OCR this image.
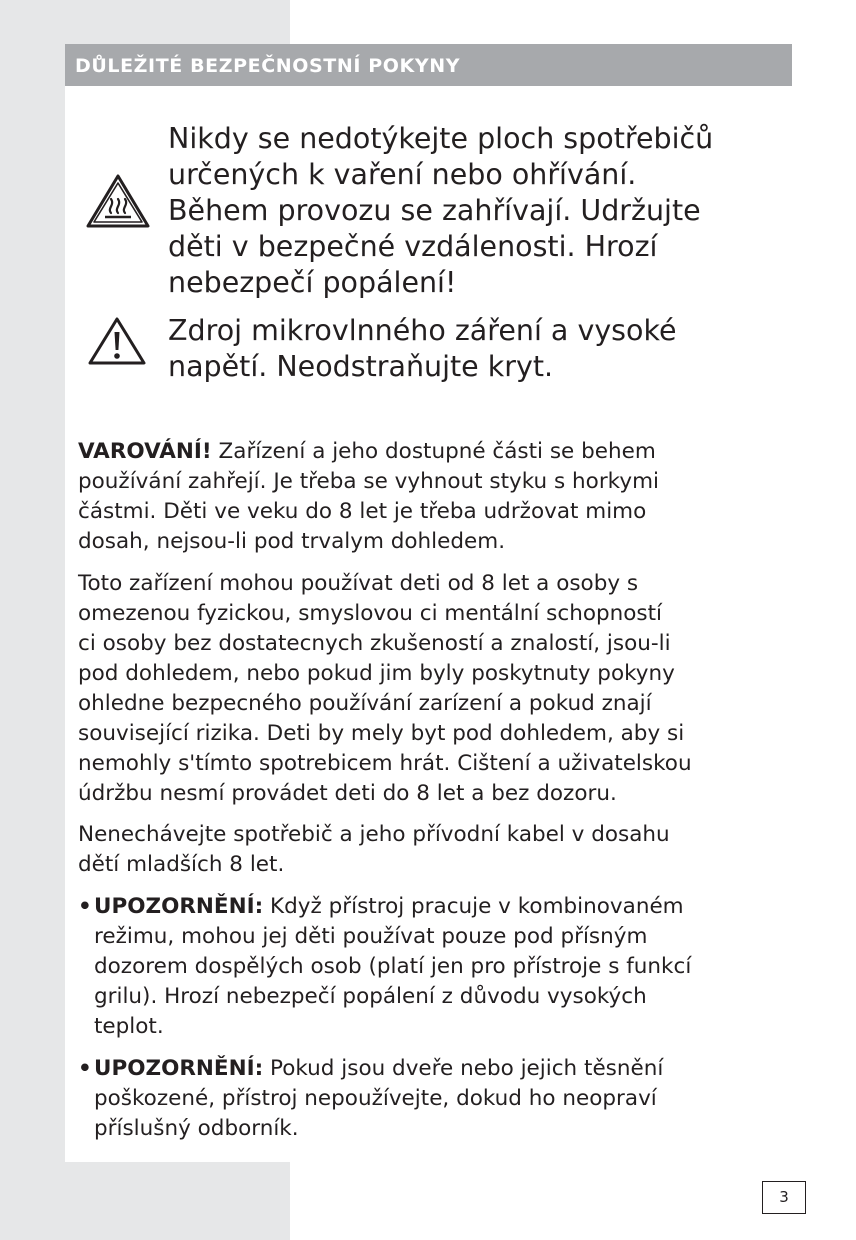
DŮLEŽITÉ BEZPEČNOSTNÍ POKYNY
Nikdy se nedotýkejte ploch spotřebičů
určených k vaření nebo ohřívání.
Během provozu se zahřívají. Udržujte
děti v bezpečné vzdálenosti. Hrozí
nebezpečí popálení!
Zdroj mikrovlnného záření a vysoké
napětí. Neodstraňujte kryt.
VAROVÁNÍ! Zařízení a jeho dostupné části se behem
používání zahřejí. Je třeba se vyhnout styku s horkymi
částmi. Děti ve veku do 8 let je třeba udržovat mimo
dosah, nejsou-li pod trvalym dohledem.
Toto zařízení mohou používat deti od 8 let a osoby s
omezenou fyzickou, smyslovou ci mentální schopností
ci osoby bez dostatecnych zkušeností a znalostí, jsou-li
pod dohledem, nebo pokud jim byly poskytnuty pokyny
ohledne bezpecného používání zarízení a pokud znají
související rizika. Deti by mely byt pod dohledem, aby si
nemohly s'tímto spotrebicem hrát. Cištení a uživatelskou
údržbu nesmí provádet deti do 8 let a bez dozoru.
Nenechávejte spotřebič a jeho přívodní kabel v dosahu
dětí mladších 8 let.
• UPOZORNĚNÍ: Když přístroj pracuje v kombinovaném
režimu, mohou jej děti používat pouze pod přísným
dozorem dospělých osob (platí jen pro přístroje s funkcí
grilu). Hrozí nebezpečí popálení z důvodu vysokých
teplot.
• UPOZORNĚNÍ: Pokud jsou dveře nebo jejich těsnění
poškozené, přístroj nepoužívejte, dokud ho neopraví
příslušný odborník.
3
